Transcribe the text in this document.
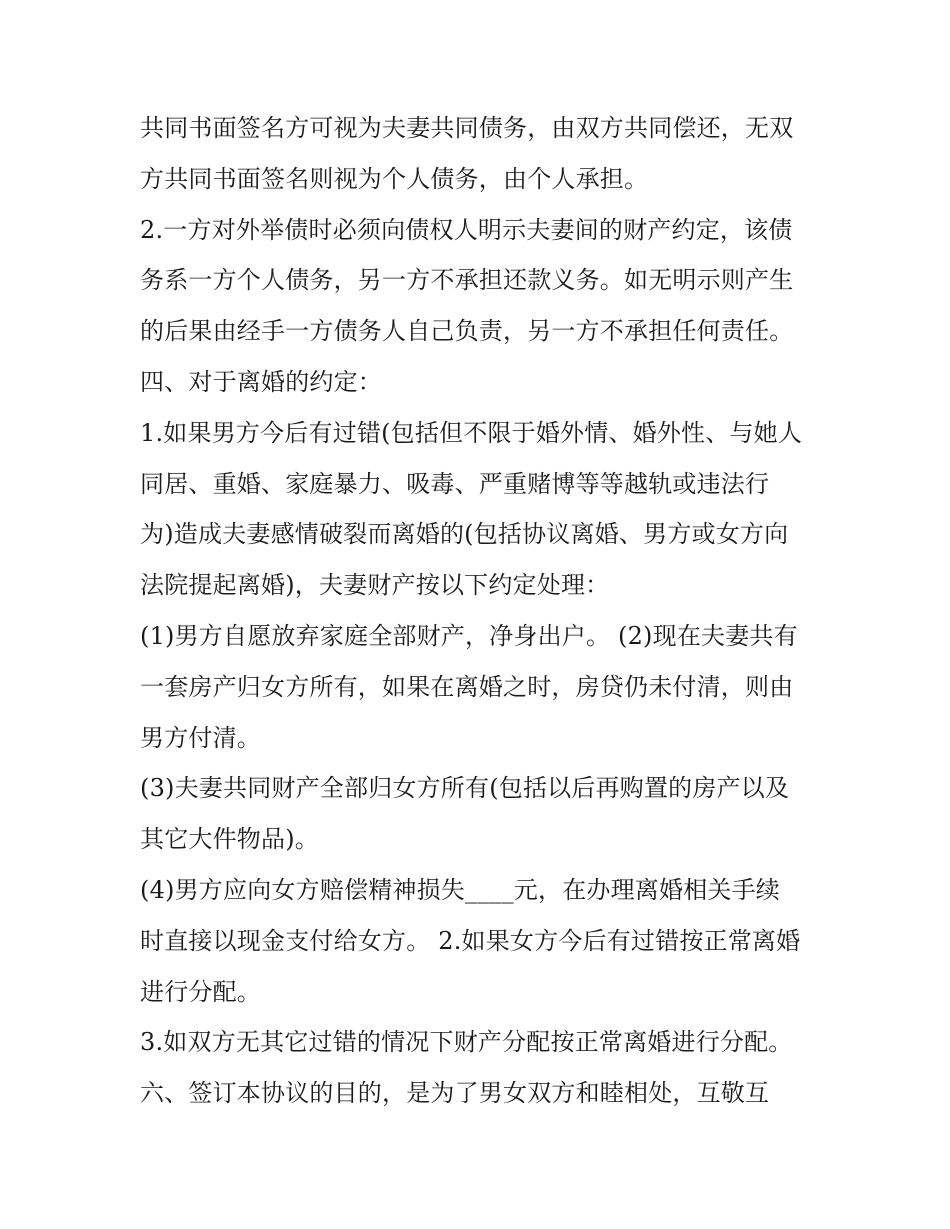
共同书面签名方可视为夫妻共同债务，由双方共同偿还，无双
方共同书面签名则视为个人债务，由个人承担。
2.一方对外举债时必须向债权人明示夫妻间的财产约定，该债
务系一方个人债务，另一方不承担还款义务。如无明示则产生
的后果由经手一方债务人自己负责，另一方不承担任何责任。
四、对于离婚的约定：
1.如果男方今后有过错(包括但不限于婚外情、婚外性、与她人
同居、重婚、家庭暴力、吸毒、严重赌博等等越轨或违法行
为)造成夫妻感情破裂而离婚的(包括协议离婚、男方或女方向
法院提起离婚)，夫妻财产按以下约定处理：
(1)男方自愿放弃家庭全部财产，净身出户。 (2)现在夫妻共有
一套房产归女方所有，如果在离婚之时，房贷仍未付清，则由
男方付清。
(3)夫妻共同财产全部归女方所有(包括以后再购置的房产以及
其它大件物品)。
(4)男方应向女方赔偿精神损失____元，在办理离婚相关手续
时直接以现金支付给女方。 2.如果女方今后有过错按正常离婚
进行分配。
3.如双方无其它过错的情况下财产分配按正常离婚进行分配。
六、签订本协议的目的，是为了男女双方和睦相处，互敬互
